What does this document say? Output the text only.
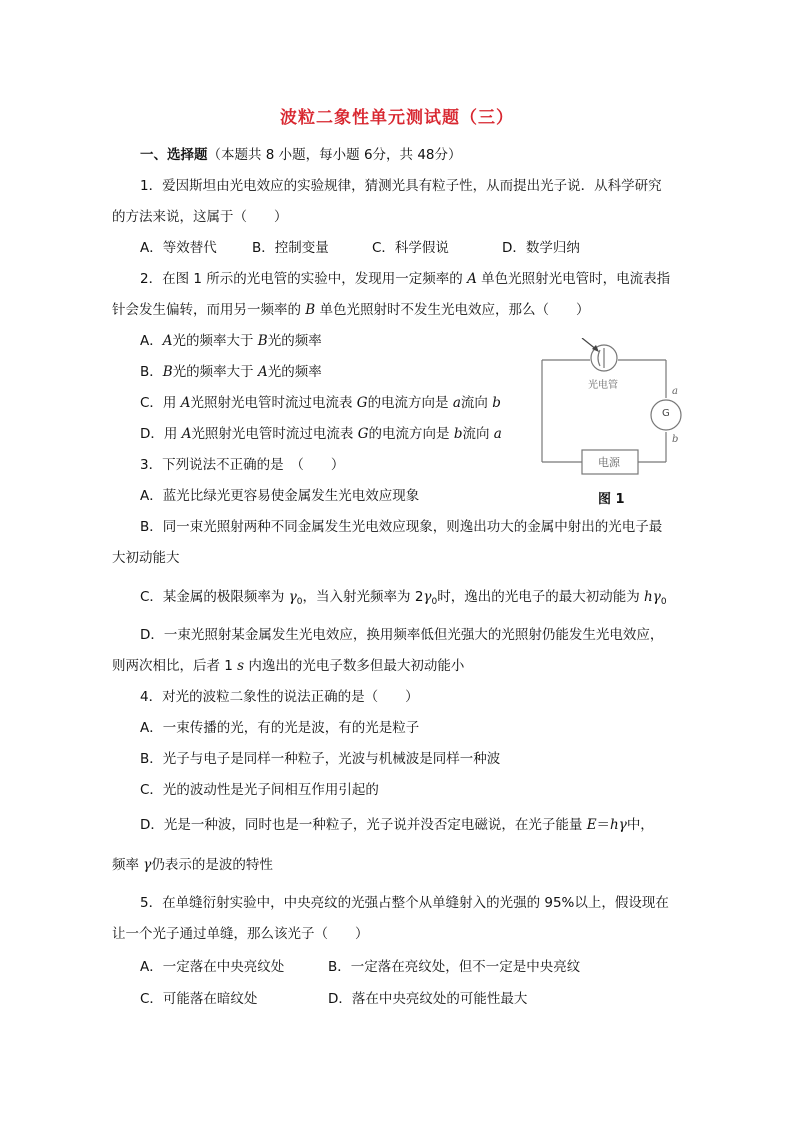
波粒二象性单元测试题（三）
一、选择题（本题共 8 小题，每小题 6分，共 48分）
1．爱因斯坦由光电效应的实验规律，猜测光具有粒子性，从而提出光子说．从科学研究
的方法来说，这属于（　　）
A．等效替代	B．控制变量	C．科学假说	D．数学归纳
2．在图 1 所示的光电管的实验中，发现用一定频率的 A 单色光照射光电管时，电流表指
针会发生偏转，而用另一频率的 B 单色光照射时不发生光电效应，那么（　　）
A．A光的频率大于 B光的频率
B．B光的频率大于 A光的频率
C．用 A光照射光电管时流过电流表 G的电流方向是 a流向 b
D．用 A光照射光电管时流过电流表 G的电流方向是 b流向 a
3．下列说法不正确的是　（　　）
A．蓝光比绿光更容易使金属发生光电效应现象
B．同一束光照射两种不同金属发生光电效应现象，则逸出功大的金属中射出的光电子最
大初动能大
C．某金属的极限频率为 $\gamma_0$，当入射光频率为 $2\gamma_0$时，逸出的光电子的最大初动能为 $h\gamma_0$
D．一束光照射某金属发生光电效应，换用频率低但光强大的光照射仍能发生光电效应，
则两次相比，后者 1 s 内逸出的光电子数多但最大初动能小
4．对光的波粒二象性的说法正确的是（　　）
A．一束传播的光，有的光是波，有的光是粒子
B．光子与电子是同样一种粒子，光波与机械波是同样一种波
C．光的波动性是光子间相互作用引起的
D．光是一种波，同时也是一种粒子，光子说并没否定电磁说，在光子能量 E＝hγ中，
频率 γ仍表示的是波的特性
5．在单缝衍射实验中，中央亮纹的光强占整个从单缝射入的光强的 95%以上，假设现在
让一个光子通过单缝，那么该光子（　　）
A．一定落在中央亮纹处	B．一定落在亮纹处，但不一定是中央亮纹
C．可能落在暗纹处	D．落在中央亮纹处的可能性最大
光电管
G
a
b
电源
图 1
